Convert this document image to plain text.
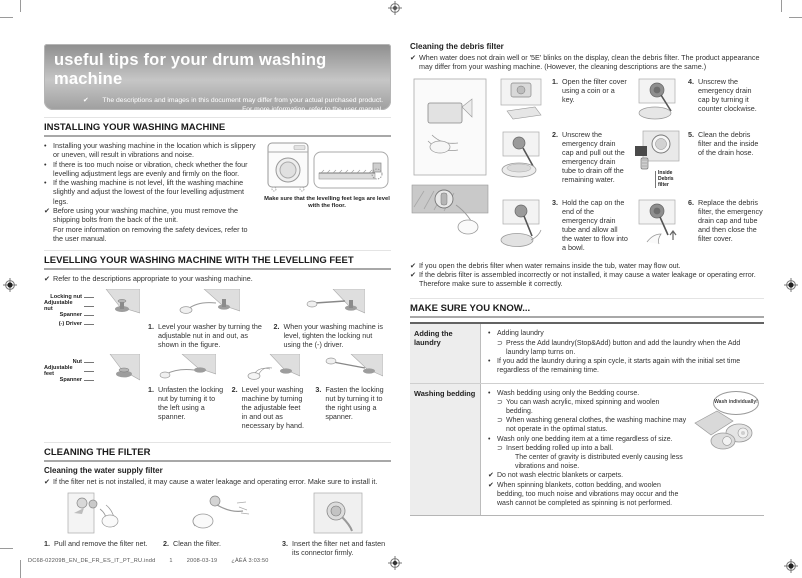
useful tips for your drum washing machine
✔	The descriptions and images in this document may differ from your actual purchased product. For more information, refer to the user manual.
INSTALLING YOUR WASHING MACHINE
• Installing your washing machine in the location which is slippery or uneven, will result in vibrations and noise.
• If there is too much noise or vibration, check whether the four levelling adjustment legs are evenly and firmly on the floor.
• If the washing machine is not level, lift the washing machine slightly and adjust the lowest of the four levelling adjustment legs.
✔ Before using your washing machine, you must remove the shipping bolts from the back of the unit.
For more information on removing the safety devices, refer to the user manual.
Make sure that the levelling feet legs are level with the floor.
LEVELLING YOUR WASHING MACHINE WITH THE LEVELLING FEET
✔ Refer to the descriptions appropriate to your washing machine.
Locking nut
Adjustable nut
Spanner
(-) Driver	1. Level your washer by turning the adjustable nut in and out, as shown in the figure.
2. When your washing machine is level, tighten the locking nut using the (-) driver.
Nut
Adjustable feet
Spanner
1. Unfasten the locking nut by turning it to the left using a spanner.
2. Level your washing machine by turning the adjustable feet in and out as necessary by hand.
3. Fasten the locking nut by turning it to the right using a spanner.
CLEANING THE FILTER
Cleaning the water supply filter
✔ If the filter net is not installed, it may cause a water leakage and operating error. Make sure to install it.
1. Pull and remove the filter net. 2. Clean the filter.	3. Insert the filter net and fasten its connector firmly.
Cleaning the debris filter
✔ When water does not drain well or '5E' blinks on the display, clean the debris filter. The product appearance may differ from your washing machine. (However, the cleaning descriptions are the same.)
1. Open the filter cover using a coin or a key.
4. Unscrew the emergency drain cap by turning it counter clockwise.
2. Unscrew the emergency drain cap and pull out the emergency drain tube to drain off the remaining water.
Inside Debris filter
5. Clean the debris filter and the inside of the drain hose.
3. Hold the cap on the end of the emergency drain tube and allow all the water to flow into a bowl.
6. Replace the debris filter, the emergency drain cap and tube and then close the filter cover.
✔ If you open the debris filter when water remains inside the tub, water may flow out.
✔ If the debris filter is assembled incorrectly or not installed, it may cause a water leakage or operating error. Therefore make sure to assemble it correctly.
MAKE SURE YOU KNOW...
Adding the laundry
• Adding laundry
⊃ Press the Add laundry(Stop&Add) button and add the laundry when the Add laundry lamp turns on.
• If you add the laundry during a spin cycle, it starts again with the initial set time regardless of the remaining time.
Washing bedding	• Wash bedding using only the Bedding course.
⊃ You can wash acrylic, mixed spinning and woolen bedding.
⊃ When washing general clothes, the washing machine may not operate in the optimal status.
• Wash only one bedding item at a time regardless of size.
⊃ Insert bedding rolled up into a ball.
The center of gravity is distributed evenly causing less vibrations and noise.
✔ Do not wash electric blankets or carpets.
✔ When spinning blankets, cotton bedding, and woolen bedding, too much noise and vibrations may occur and the wash cannot be completed as spinning is not performed.
Wash individually!
DC68-02209B_EN_DE_FR_ES_IT_PT_RU.indd	1	2008-03-19	¿ÀÈÄ 3:03:50
